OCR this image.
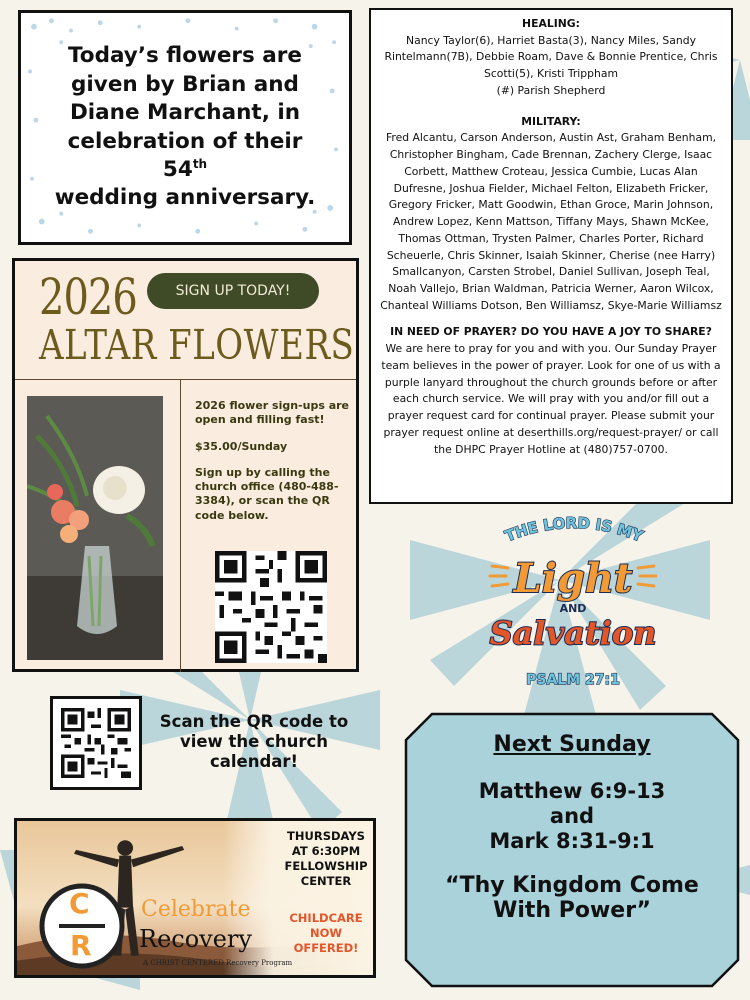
Today’s flowers are
given by Brian and
Diane Marchant, in
celebration of their 54th
wedding anniversary.
HEALING:

Nancy Taylor(6), Harriet Basta(3), Nancy Miles, Sandy Rintelmann(7B), Debbie Roam, Dave & Bonnie Prentice, Chris Scotti(5), Kristi Trippham
(#) Parish Shepherd

MILITARY:

Fred Alcantu, Carson Anderson, Austin Ast, Graham Benham, Christopher Bingham, Cade Brennan, Zachery Clerge, Isaac Corbett, Matthew Croteau, Jessica Cumbie, Lucas Alan Dufresne, Joshua Fielder, Michael Felton, Elizabeth Fricker, Gregory Fricker, Matt Goodwin, Ethan Groce, Marin Johnson, Andrew Lopez, Kenn Mattson, Tiffany Mays, Shawn McKee, Thomas Ottman, Trysten Palmer, Charles Porter, Richard Scheuerle, Chris Skinner, Isaiah Skinner, Cherise (nee Harry) Smallcanyon, Carsten Strobel, Daniel Sullivan, Joseph Teal, Noah Vallejo, Brian Waldman, Patricia Werner, Aaron Wilcox, Chanteal Williams Dotson, Ben Williamsz, Skye-Marie Williamsz

IN NEED OF PRAYER? DO YOU HAVE A JOY TO SHARE?

We are here to pray for you and with you. Our Sunday Prayer team believes in the power of prayer. Look for one of us with a purple lanyard throughout the church grounds before or after each church service. We will pray with you and/or fill out a prayer request card for continual prayer. Please submit your prayer request online at deserthills.org/request-prayer/ or call the DHPC Prayer Hotline at (480)757-0700.

2026	SIGN UP TODAY!
ALTAR FLOWERS

2026 flower sign-ups are open and filling fast!

$35.00/Sunday

Sign up by calling the church office (480-488-3384), or scan the QR code below.

Scan the QR code to view the church calendar!
C
R
Celebrate
Recovery
A CHRIST CENTERED Recovery Program
THURSDAYS
AT 6:30PM
FELLOWSHIP
CENTER
CHILDCARE
NOW
OFFERED!
THE LORD IS MY
Light
AND
Salvation
PSALM 27:1
Next Sunday
Matthew 6:9-13
and
Mark 8:31-9:1
“Thy Kingdom Come
With Power”
